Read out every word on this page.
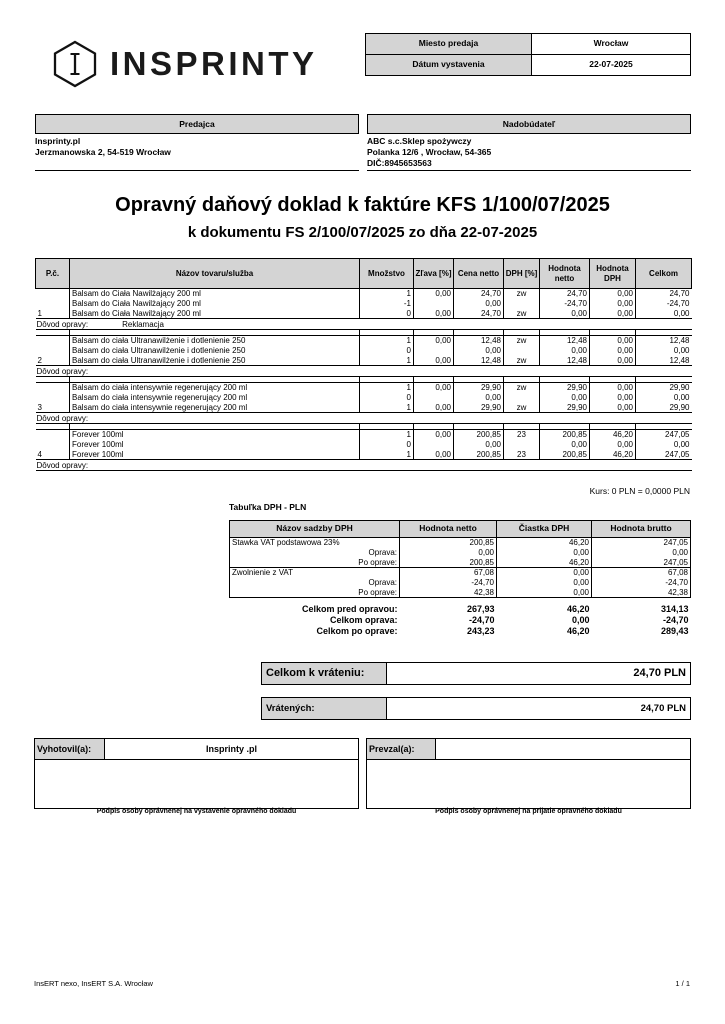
INSPRINTY
Miesto predaja	Wrocław
Dátum vystavenia	22-07-2025
Predajca
Insprinty.pl
Jerzmanowska 2, 54-519 Wrocław
Nadobúdateľ
ABC s.c.Sklep spożywczy
Polanka 12/6 , Wrocław, 54-365
DIČ:8945653563
Opravný daňový doklad k faktúre KFS 1/100/07/2025
k dokumentu FS 2/100/07/2025 zo dňa 22-07-2025
P.č.	Názov tovaru/služba	Množstvo	Zľava [%]	Cena netto	DPH [%]	Hodnota netto	Hodnota DPH	Celkom
	Balsam do Ciała Nawilżający 200 ml	1	0,00	24,70	zw	24,70	0,00	24,70
	Balsam do Ciała Nawilżający 200 ml	-1		0,00		-24,70	0,00	-24,70
1	Balsam do Ciała Nawilżający 200 ml	0	0,00	24,70	zw	0,00	0,00	0,00
Dôvod opravy: Reklamacja								

	Balsam do ciała Ultranawilżenie i dotlenienie 250	1	0,00	12,48	zw	12,48	0,00	12,48
	Balsam do ciała Ultranawilżenie i dotlenienie 250	0		0,00		0,00	0,00	0,00
2	Balsam do ciała Ultranawilżenie i dotlenienie 250	1	0,00	12,48	zw	12,48	0,00	12,48
Dôvod opravy:								

	Balsam do ciała intensywnie regenerujący 200 ml	1	0,00	29,90	zw	29,90	0,00	29,90
	Balsam do ciała intensywnie regenerujący 200 ml	0		0,00		0,00	0,00	0,00
3	Balsam do ciała intensywnie regenerujący 200 ml	1	0,00	29,90	zw	29,90	0,00	29,90
Dôvod opravy:								

	Forever 100ml	1	0,00	200,85	23	200,85	46,20	247,05
	Forever 100ml	0		0,00		0,00	0,00	0,00
4	Forever 100ml	1	0,00	200,85	23	200,85	46,20	247,05
Dôvod opravy:								
Kurs: 0 PLN = 0,0000 PLN
Tabuľka DPH - PLN
Názov sadzby DPH	Hodnota netto	Čiastka DPH	Hodnota brutto
Stawka VAT podstawowa 23%	200,85	46,20	247,05
Oprava:	0,00	0,00	0,00
Po oprave:	200,85	46,20	247,05
Zwolnienie z VAT	67,08	0,00	67,08
Oprava:	-24,70	0,00	-24,70
Po oprave:	42,38	0,00	42,38

Celkom pred opravou:	267,93	46,20	314,13
Celkom oprava:	-24,70	0,00	-24,70
Celkom po oprave:	243,23	46,20	289,43
Celkom k vráteniu:	24,70 PLN
Vrátených:	24,70 PLN
Vyhotovil(a):	Insprinty .pl
Podpis osoby oprávnenej na vystavenie opravného dokladu
Prevzal(a):
Podpis osoby oprávnenej na prijatie opravného dokladu
InsERT nexo, InsERT S.A. Wrocław	1 / 1
